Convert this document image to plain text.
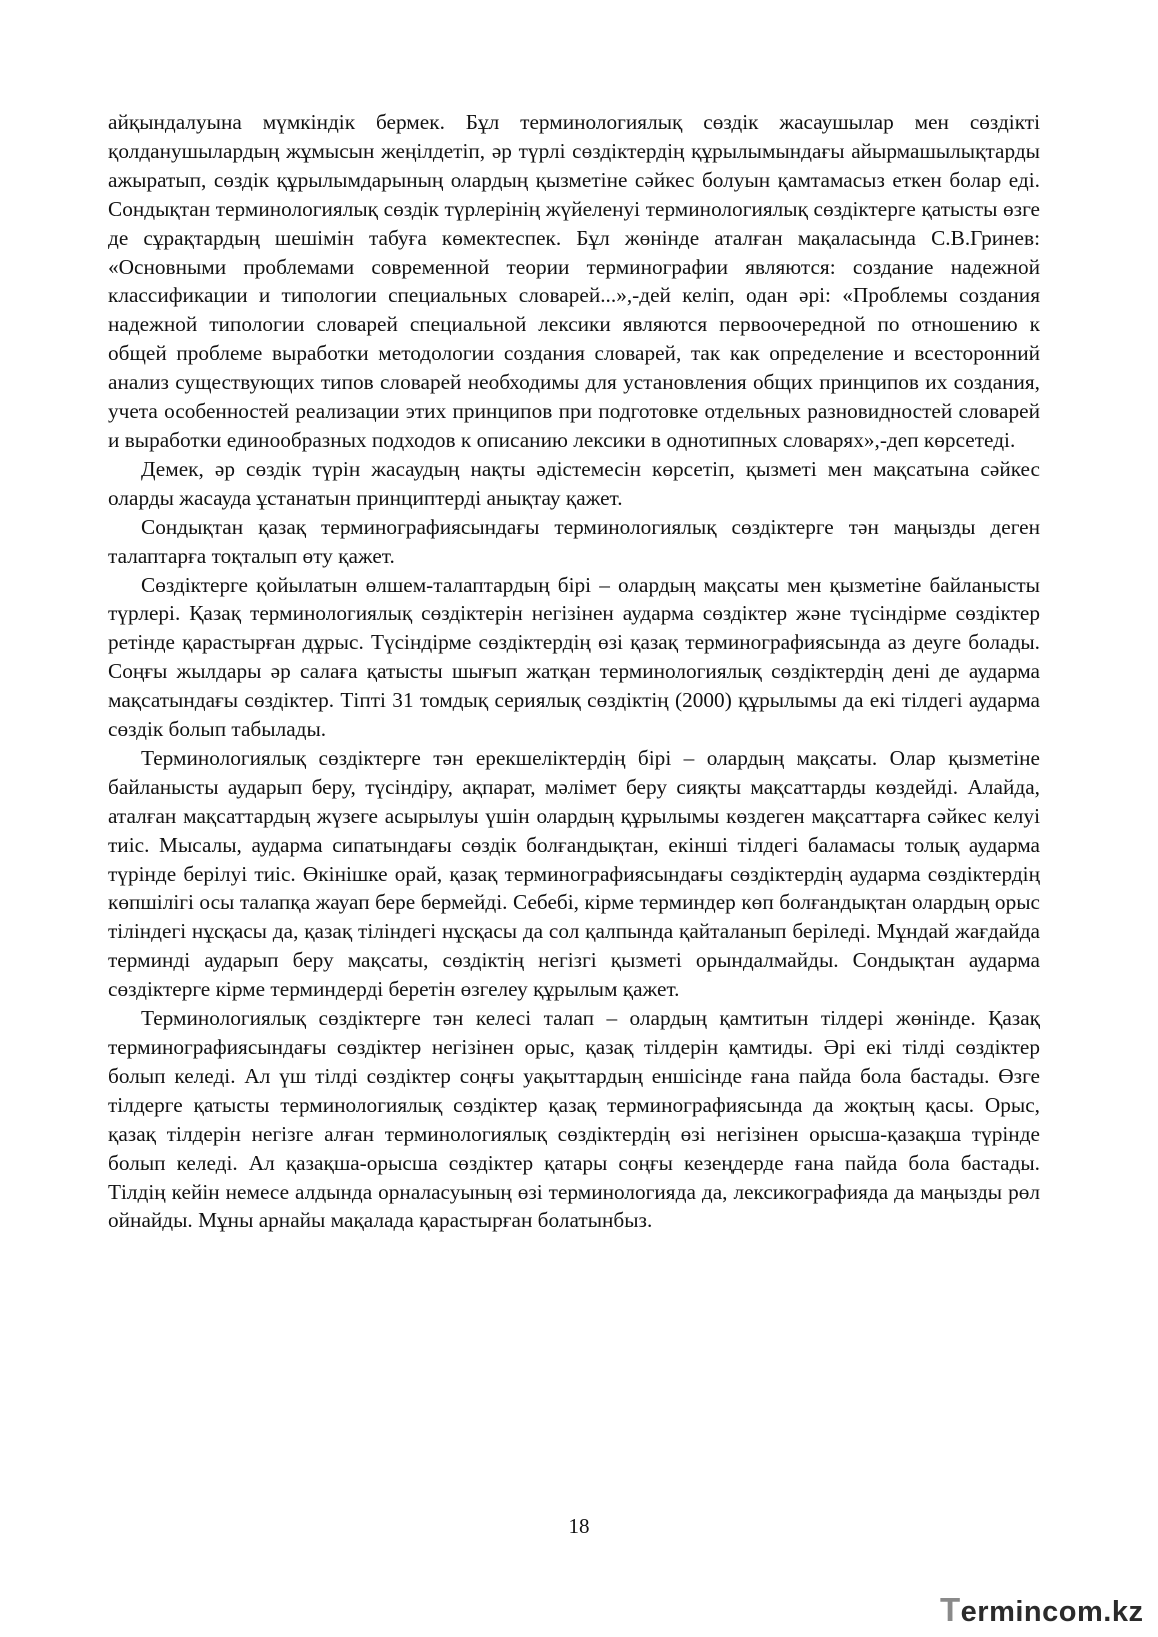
айқындалуына мүмкіндік бермек. Бұл терминологиялық сөздік жасаушылар мен сөздікті қолданушылардың жұмысын жеңілдетіп, әр түрлі сөздіктердің құрылымындағы айырмашылықтарды ажыратып, сөздік құрылымдарының олардың қызметіне сәйкес болуын қамтамасыз еткен болар еді. Сондықтан терминологиялық сөздік түрлерінің жүйеленуі терминологиялық сөздіктерге қатысты өзге де сұрақтардың шешімін табуға көмектеспек. Бұл жөнінде аталған мақаласында С.В.Гринев: «Основными проблемами современной теории терминографии являются: создание надежной классификации и типологии специальных словарей...»,-дей келіп, одан әрі: «Проблемы создания надежной типологии словарей специальной лексики являются первоочередной по отношению к общей проблеме выработки методологии создания словарей, так как определение и всесторонний анализ существующих типов словарей необходимы для установления общих принципов их создания, учета особенностей реализации этих принципов при подготовке отдельных разновидностей словарей и выработки единообразных подходов к описанию лексики в однотипных словарях»,-деп көрсетеді.

Демек, әр сөздік түрін жасаудың нақты әдістемесін көрсетіп, қызметі мен мақсатына сәйкес оларды жасауда ұстанатын принциптерді анықтау қажет.

Сондықтан қазақ терминографиясындағы терминологиялық сөздіктерге тән маңызды деген талаптарға тоқталып өту қажет.

Сөздіктерге қойылатын өлшем-талаптардың бірі – олардың мақсаты мен қызметіне байланысты түрлері. Қазақ терминологиялық сөздіктерін негізінен аударма сөздіктер және түсіндірме сөздіктер ретінде қарастырған дұрыс. Түсіндірме сөздіктердің өзі қазақ терминографиясында аз деуге болады. Соңғы жылдары әр салаға қатысты шығып жатқан терминологиялық сөздіктердің дені де аударма мақсатындағы сөздіктер. Тіпті 31 томдық сериялық сөздіктің (2000) құрылымы да екі тілдегі аударма сөздік болып табылады.

Терминологиялық сөздіктерге тән ерекшеліктердің бірі – олардың мақсаты. Олар қызметіне байланысты аударып беру, түсіндіру, ақпарат, мәлімет беру сияқты мақсаттарды көздейді. Алайда, аталған мақсаттардың жүзеге асырылуы үшін олардың құрылымы көздеген мақсаттарға сәйкес келуі тиіс. Мысалы, аударма сипатындағы сөздік болғандықтан, екінші тілдегі баламасы толық аударма түрінде берілуі тиіс. Өкінішке орай, қазақ терминографиясындағы сөздіктердің аударма сөздіктердің көпшілігі осы талапқа жауап бере бермейді. Себебі, кірме терминдер көп болғандықтан олардың орыс тіліндегі нұсқасы да, қазақ тіліндегі нұсқасы да сол қалпында қайталанып беріледі. Мұндай жағдайда терминді аударып беру мақсаты, сөздіктің негізгі қызметі орындалмайды. Сондықтан аударма сөздіктерге кірме терминдерді беретін өзгелеу құрылым қажет.

Терминологиялық сөздіктерге тән келесі талап – олардың қамтитын тілдері жөнінде. Қазақ терминографиясындағы сөздіктер негізінен орыс, қазақ тілдерін қамтиды. Әрі екі тілді сөздіктер болып келеді. Ал үш тілді сөздіктер соңғы уақыттардың еншісінде ғана пайда бола бастады. Өзге тілдерге қатысты терминологиялық сөздіктер қазақ терминографиясында да жоқтың қасы. Орыс, қазақ тілдерін негізге алған терминологиялық сөздіктердің өзі негізінен орысша-қазақша түрінде болып келеді. Ал қазақша-орысша сөздіктер қатары соңғы кезеңдерде ғана пайда бола бастады. Тілдің кейін немесе алдында орналасуының өзі терминологияда да, лексикографияда да маңызды рөл ойнайды. Мұны арнайы мақалада қарастырған болатынбыз.

18
Termincom.kz
